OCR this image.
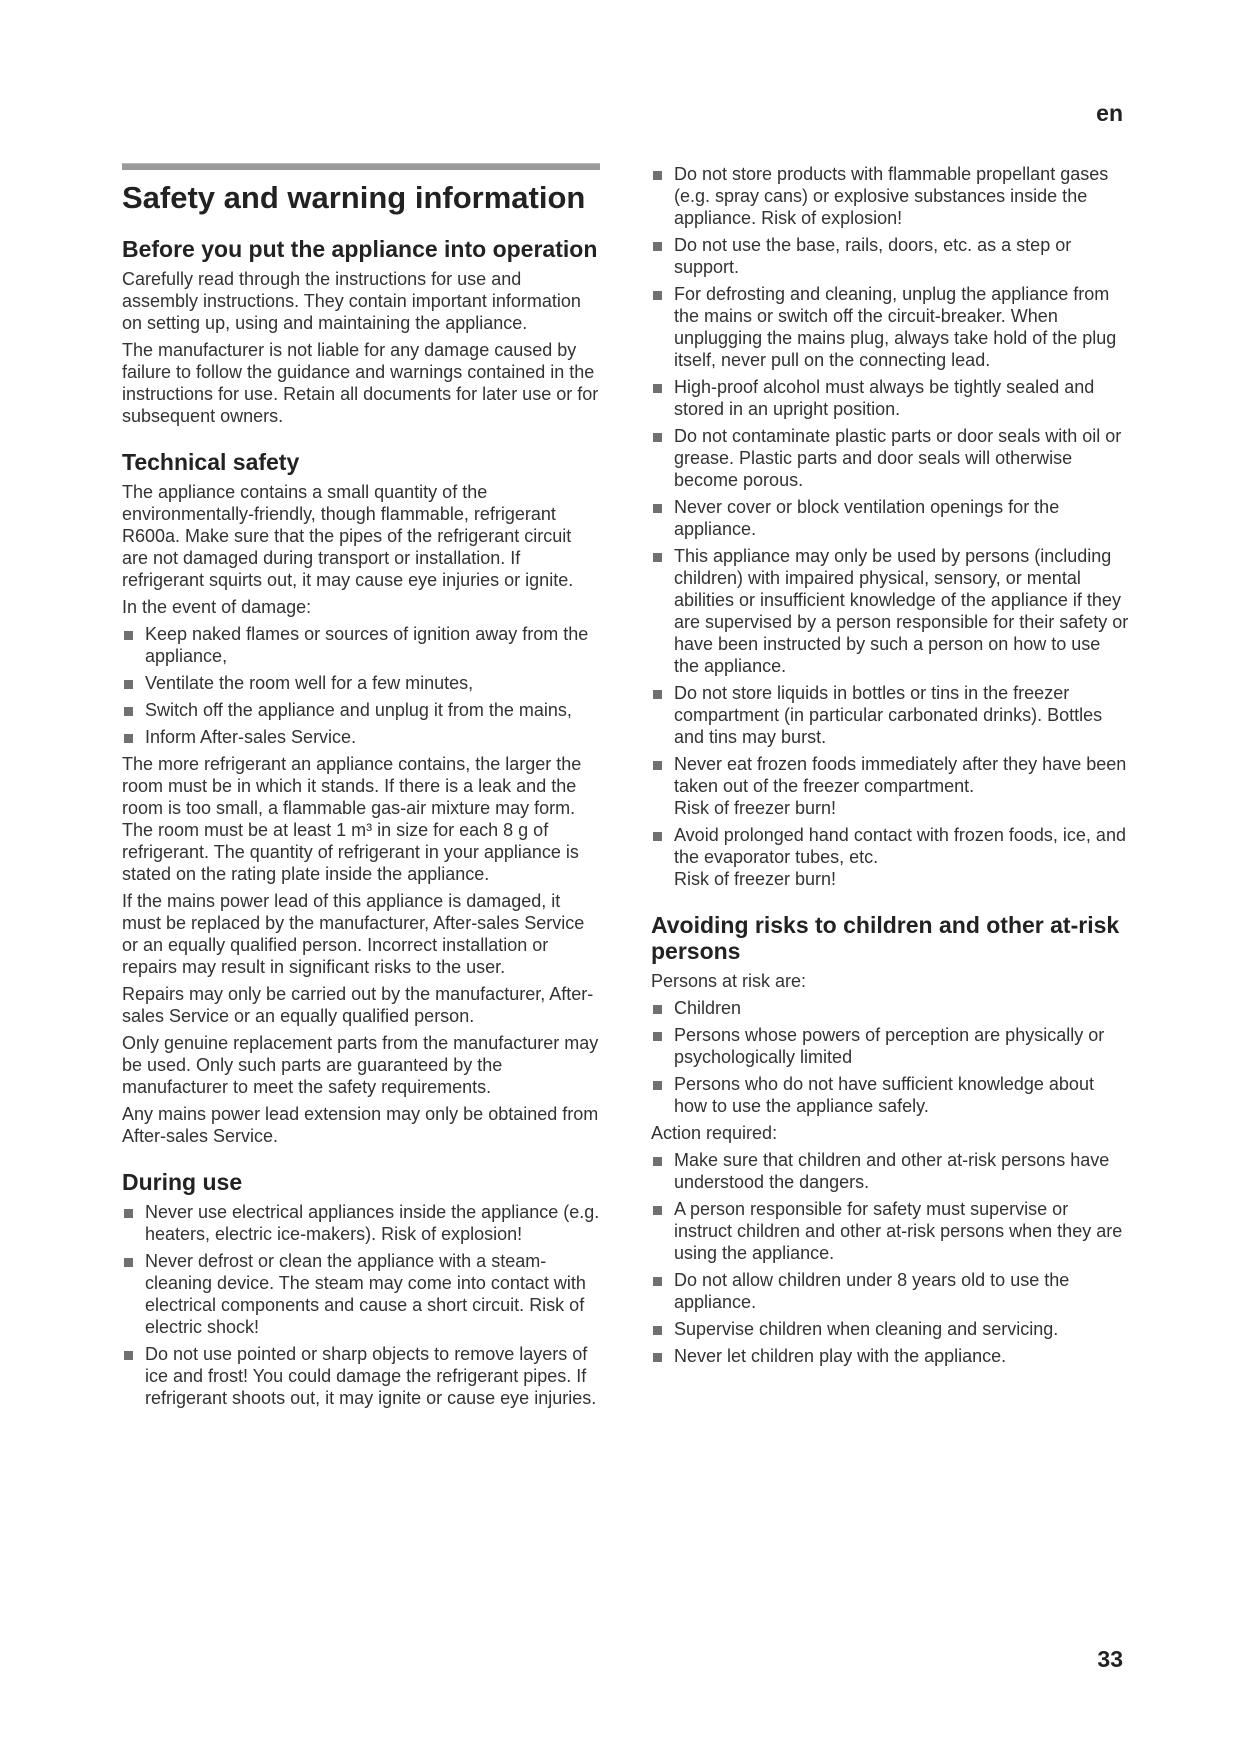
en
Safety and warning information
Before you put the appliance into operation

Carefully read through the instructions for use and assembly instructions. They contain important information on setting up, using and maintaining the appliance.

The manufacturer is not liable for any damage caused by failure to follow the guidance and warnings contained in the instructions for use. Retain all documents for later use or for subsequent owners.

Technical safety

The appliance contains a small quantity of the environmentally-friendly, though flammable, refrigerant R600a. Make sure that the pipes of the refrigerant circuit are not damaged during transport or installation. If refrigerant squirts out, it may cause eye injuries or ignite.

In the event of damage:

Keep naked flames or sources of ignition away from the appliance,
Ventilate the room well for a few minutes,
Switch off the appliance and unplug it from the mains,
Inform After-sales Service.

The more refrigerant an appliance contains, the larger the room must be in which it stands. If there is a leak and the room is too small, a flammable gas-air mixture may form.
The room must be at least 1 m³ in size for each 8 g of refrigerant. The quantity of refrigerant in your appliance is stated on the rating plate inside the appliance.

If the mains power lead of this appliance is damaged, it must be replaced by the manufacturer, After-sales Service or an equally qualified person. Incorrect installation or repairs may result in significant risks to the user.

Repairs may only be carried out by the manufacturer, After-sales Service or an equally qualified person.

Only genuine replacement parts from the manufacturer may be used. Only such parts are guaranteed by the manufacturer to meet the safety requirements.

Any mains power lead extension may only be obtained from After-sales Service.

During use
Never use electrical appliances inside the appliance (e.g. heaters, electric ice-makers). Risk of explosion!
Never defrost or clean the appliance with a steam-cleaning device. The steam may come into contact with electrical components and cause a short circuit. Risk of electric shock!
Do not use pointed or sharp objects to remove layers of ice and frost! You could damage the refrigerant pipes. If refrigerant shoots out, it may ignite or cause eye injuries.
Do not store products with flammable propellant gases (e.g. spray cans) or explosive substances inside the appliance. Risk of explosion!
Do not use the base, rails, doors, etc. as a step or support.
For defrosting and cleaning, unplug the appliance from the mains or switch off the circuit-breaker. When unplugging the mains plug, always take hold of the plug itself, never pull on the connecting lead.
High-proof alcohol must always be tightly sealed and stored in an upright position.
Do not contaminate plastic parts or door seals with oil or grease. Plastic parts and door seals will otherwise become porous.
Never cover or block ventilation openings for the appliance.
This appliance may only be used by persons (including children) with impaired physical, sensory, or mental abilities or insufficient knowledge of the appliance if they are supervised by a person responsible for their safety or have been instructed by such a person on how to use the appliance.
Do not store liquids in bottles or tins in the freezer compartment (in particular carbonated drinks). Bottles and tins may burst.
Never eat frozen foods immediately after they have been taken out of the freezer compartment.
Risk of freezer burn!
Avoid prolonged hand contact with frozen foods, ice, and the evaporator tubes, etc.
Risk of freezer burn!
Avoiding risks to children and other at-risk persons

Persons at risk are:

Children
Persons whose powers of perception are physically or psychologically limited
Persons who do not have sufficient knowledge about how to use the appliance safely.

Action required:

Make sure that children and other at-risk persons have understood the dangers.
A person responsible for safety must supervise or instruct children and other at-risk persons when they are using the appliance.
Do not allow children under 8 years old to use the appliance.
Supervise children when cleaning and servicing.
Never let children play with the appliance.
33
